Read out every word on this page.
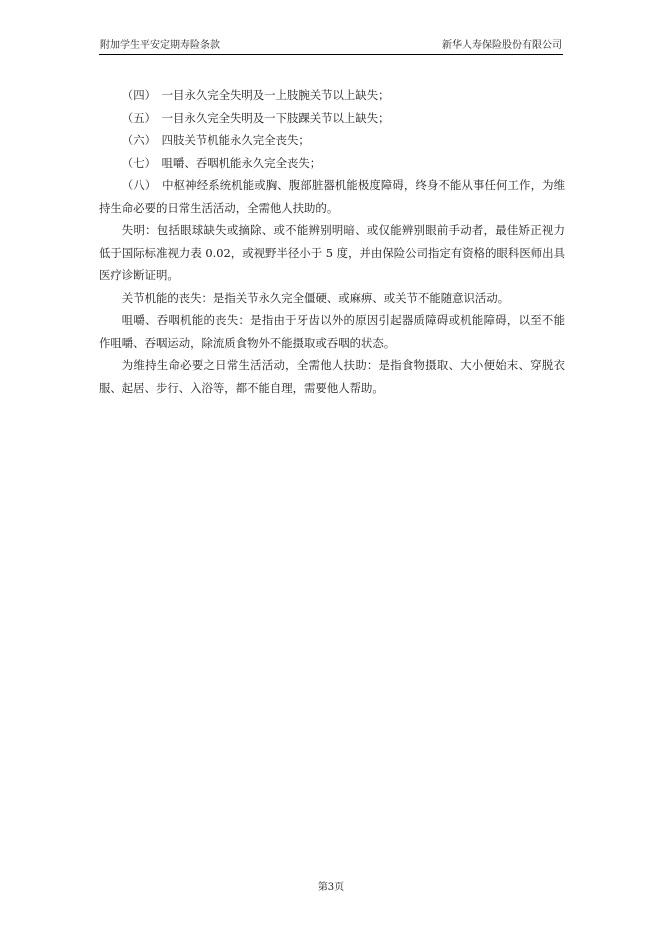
附加学生平安定期寿险条款	新华人寿保险股份有限公司

（四）　一目永久完全失明及一上肢腕关节以上缺失；

（五）　一目永久完全失明及一下肢踝关节以上缺失；

（六）　四肢关节机能永久完全丧失；

（七）　咀嚼、吞咽机能永久完全丧失；

（八）　中枢神经系统机能或胸、腹部脏器机能极度障碍，终身不能从事任何工作，为维持生命必要的日常生活活动，全需他人扶助的。

失明：包括眼球缺失或摘除、或不能辨别明暗、或仅能辨别眼前手动者，最佳矫正视力低于国际标准视力表 0.02，或视野半径小于 5 度，并由保险公司指定有资格的眼科医师出具医疗诊断证明。

关节机能的丧失：是指关节永久完全僵硬、或麻痹、或关节不能随意识活动。

咀嚼、吞咽机能的丧失：是指由于牙齿以外的原因引起器质障碍或机能障碍，以至不能作咀嚼、吞咽运动，除流质食物外不能摄取或吞咽的状态。

为维持生命必要之日常生活活动，全需他人扶助：是指食物摄取、大小便始末、穿脱衣服、起居、步行、入浴等，都不能自理，需要他人帮助。

第3页
